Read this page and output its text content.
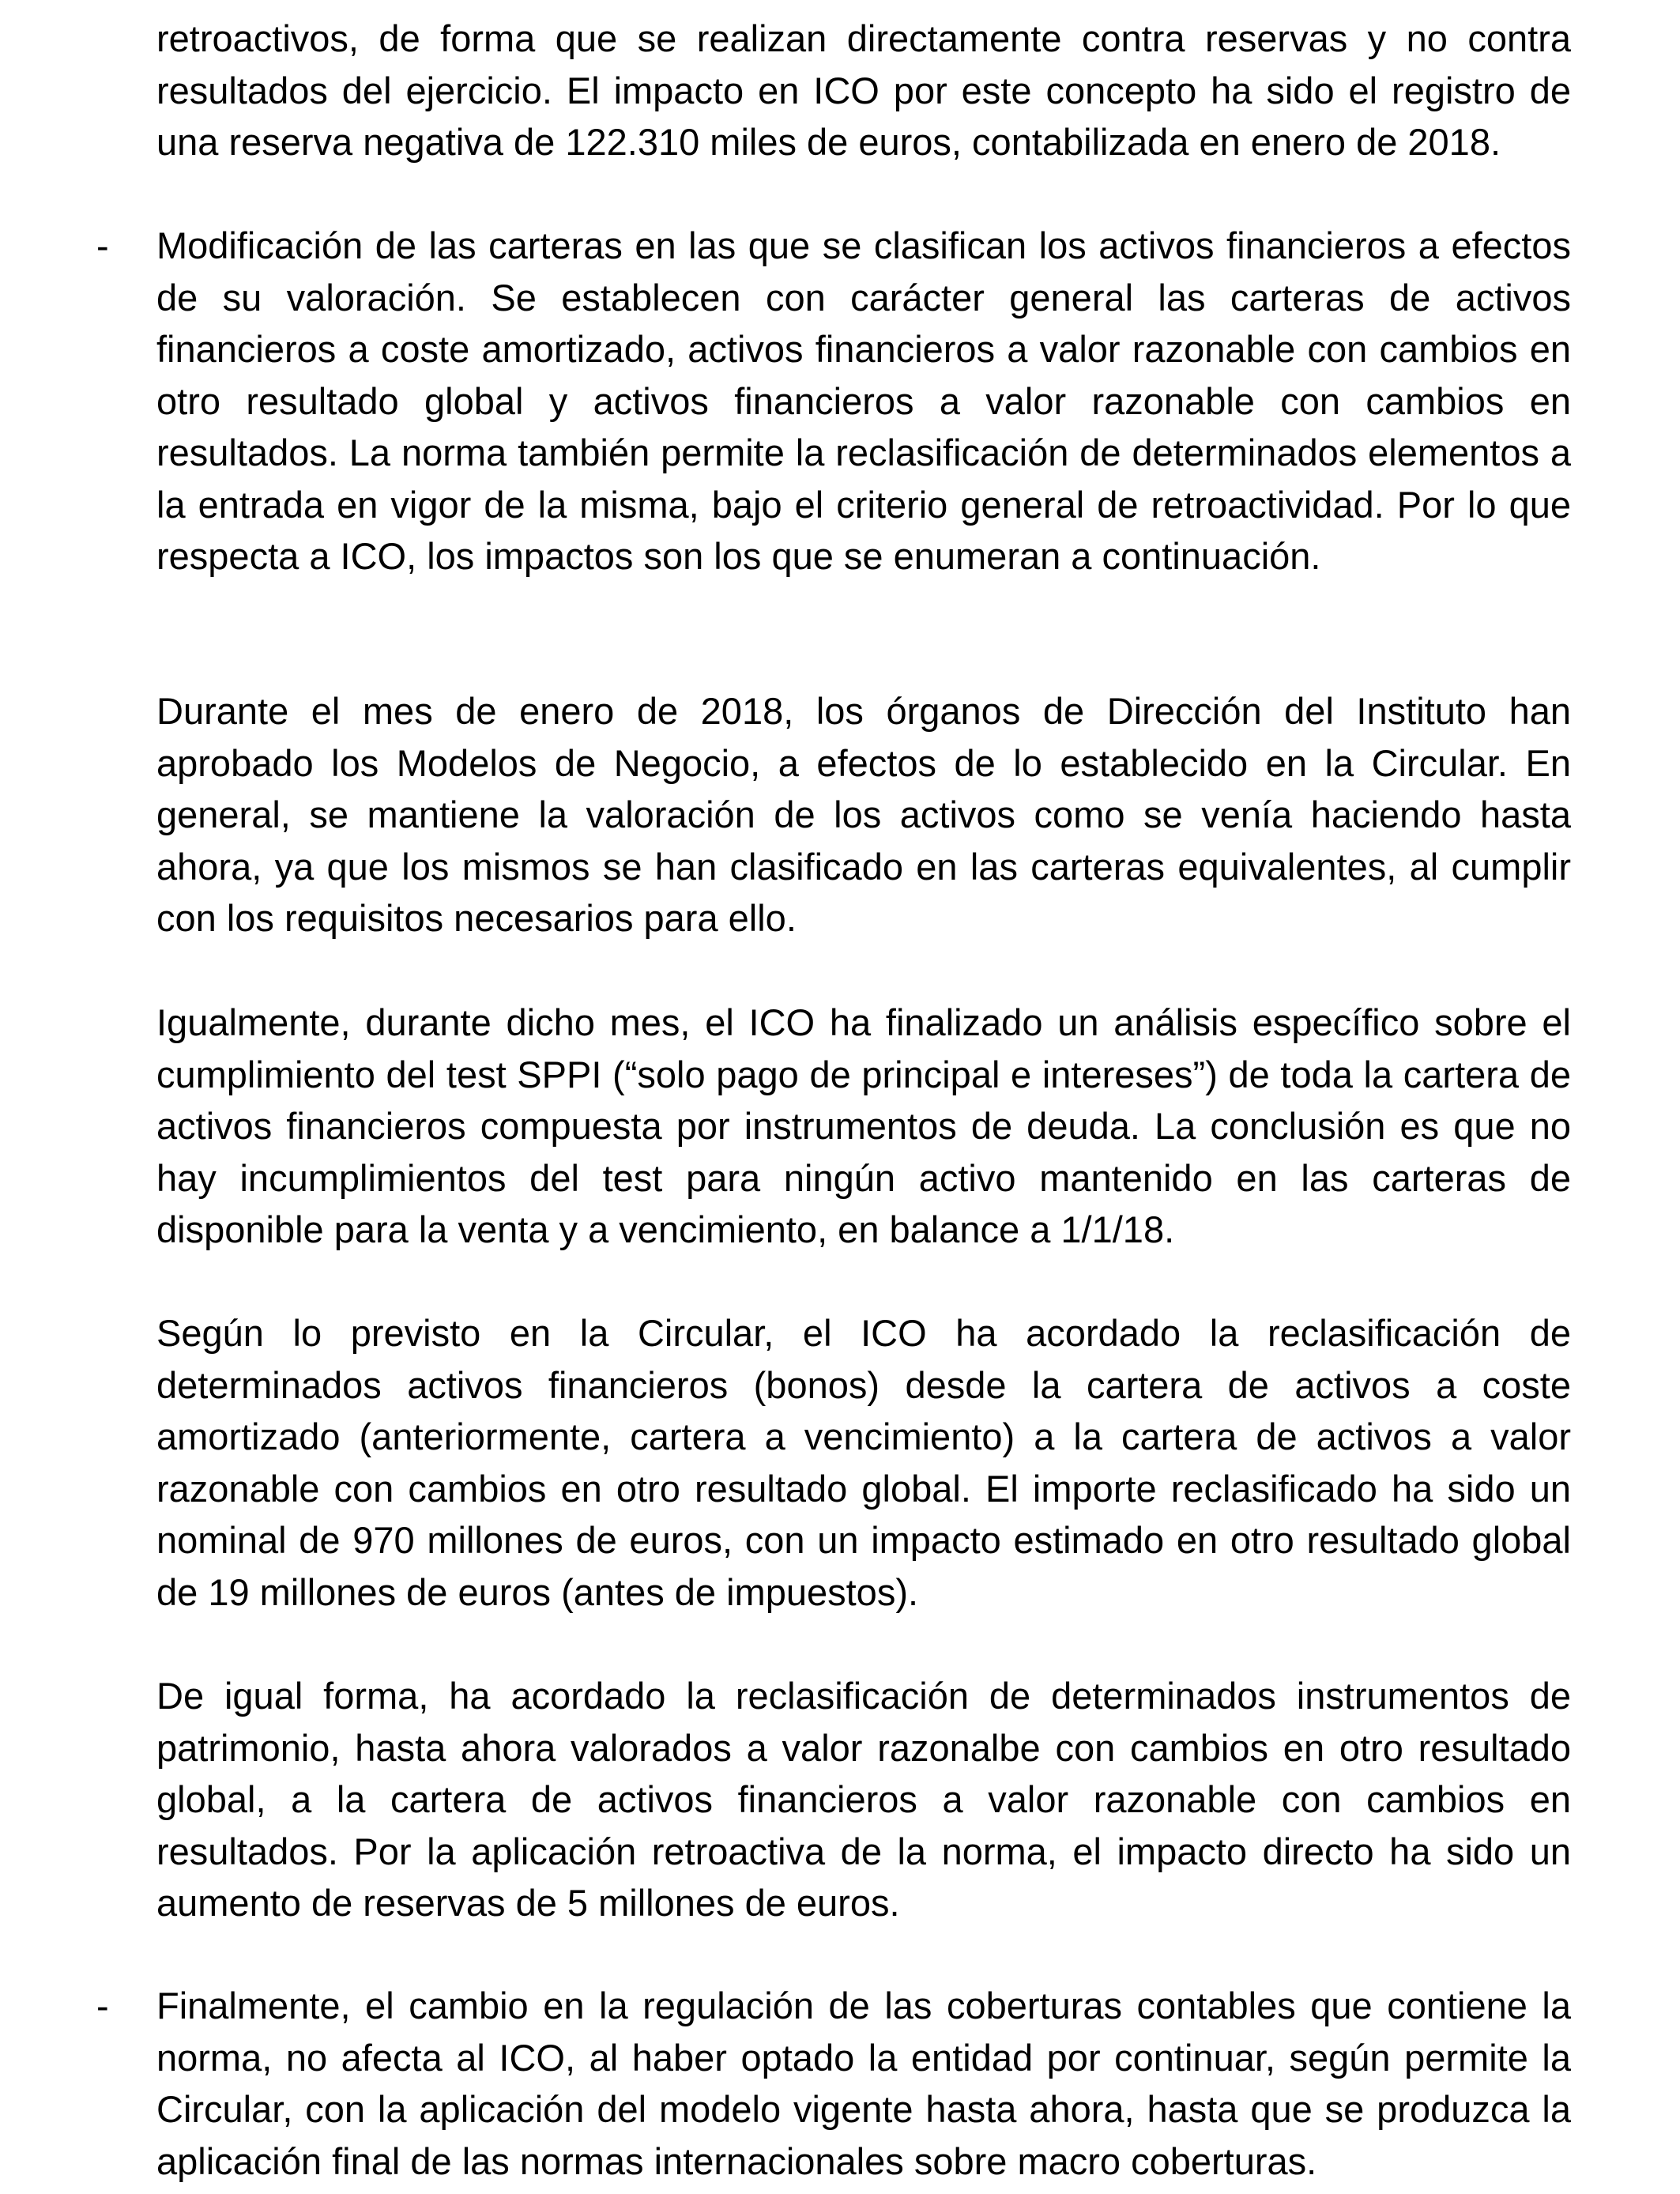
retroactivos, de forma que se realizan directamente contra reservas y no contra resultados del ejercicio. El impacto en ICO por este concepto ha sido el registro de una reserva negativa de 122.310 miles de euros, contabilizada en enero de 2018.

-	Modificación de las carteras en las que se clasifican los activos financieros a efectos de su valoración. Se establecen con carácter general las carteras de activos financieros a coste amortizado, activos financieros a valor razonable con cambios en otro resultado global y activos financieros a valor razonable con cambios en resultados. La norma también permite la reclasificación de determinados elementos a la entrada en vigor de la misma, bajo el criterio general de retroactividad. Por lo que respecta a ICO, los impactos son los que se enumeran a continuación.

Durante el mes de enero de 2018, los órganos de Dirección del Instituto han aprobado los Modelos de Negocio, a efectos de lo establecido en la Circular. En general, se mantiene la valoración de los activos como se venía haciendo hasta ahora, ya que los mismos se han clasificado en las carteras equivalentes, al cumplir con los requisitos necesarios para ello.

Igualmente, durante dicho mes, el ICO ha finalizado un análisis específico sobre el cumplimiento del test SPPI (“solo pago de principal e intereses”) de toda la cartera de activos financieros compuesta por instrumentos de deuda. La conclusión es que no hay incumplimientos del test para ningún activo mantenido en las carteras de disponible para la venta y a vencimiento, en balance a 1/1/18.

Según lo previsto en la Circular, el ICO ha acordado la reclasificación de determinados activos financieros (bonos) desde la cartera de activos a coste amortizado (anteriormente, cartera a vencimiento) a la cartera de activos a valor razonable con cambios en otro resultado global. El importe reclasificado ha sido un nominal de 970 millones de euros, con un impacto estimado en otro resultado global de 19 millones de euros (antes de impuestos).

De igual forma, ha acordado la reclasificación de determinados instrumentos de patrimonio, hasta ahora valorados a valor razonalbe con cambios en otro resultado global, a la cartera de activos financieros a valor razonable con cambios en resultados. Por la aplicación retroactiva de la norma, el impacto directo ha sido un aumento de reservas de 5 millones de euros.

-	Finalmente, el cambio en la regulación de las coberturas contables que contiene la norma, no afecta al ICO, al haber optado la entidad por continuar, según permite la Circular, con la aplicación del modelo vigente hasta ahora, hasta que se produzca la aplicación final de las normas internacionales sobre macro coberturas.
